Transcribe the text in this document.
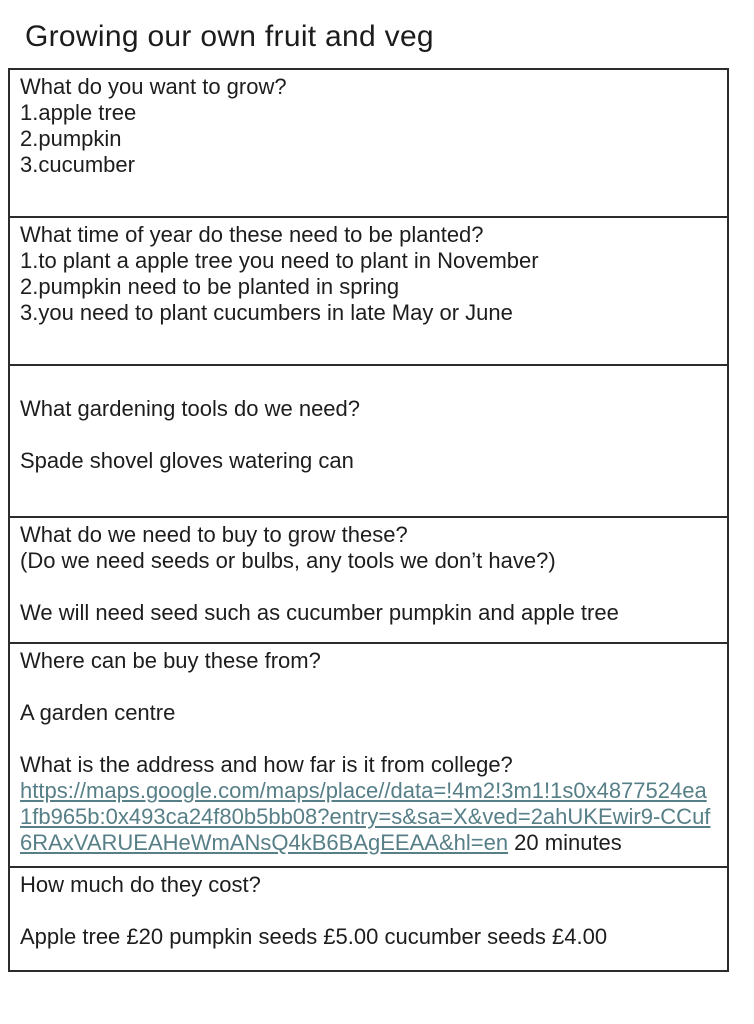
Growing our own fruit and veg

What do you want to grow?

1.apple tree

2.pumpkin

3.cucumber

What time of year do these need to be planted?

1.to plant a apple tree you need to plant in November

2.pumpkin need to be planted in spring

3.you need to plant cucumbers in late May or June

What gardening tools do we need?

Spade shovel gloves watering can

What do we need to buy to grow these?

(Do we need seeds or bulbs, any tools we don’t have?)

We will need seed such as cucumber pumpkin and apple tree

Where can be buy these from?

A garden centre

What is the address and how far is it from college?

https://maps.google.com/maps/place//data=!4m2!3m1!1s0x4877524ea1fb965b:0x493ca24f80b5bb08?entry=s&sa=X&ved=2ahUKEwir9-CCuf6RAxVARUEAHeWmANsQ4kB6BAgEEAA&hl=en 20 minutes

How much do they cost?

Apple tree £20 pumpkin seeds £5.00 cucumber seeds £4.00
